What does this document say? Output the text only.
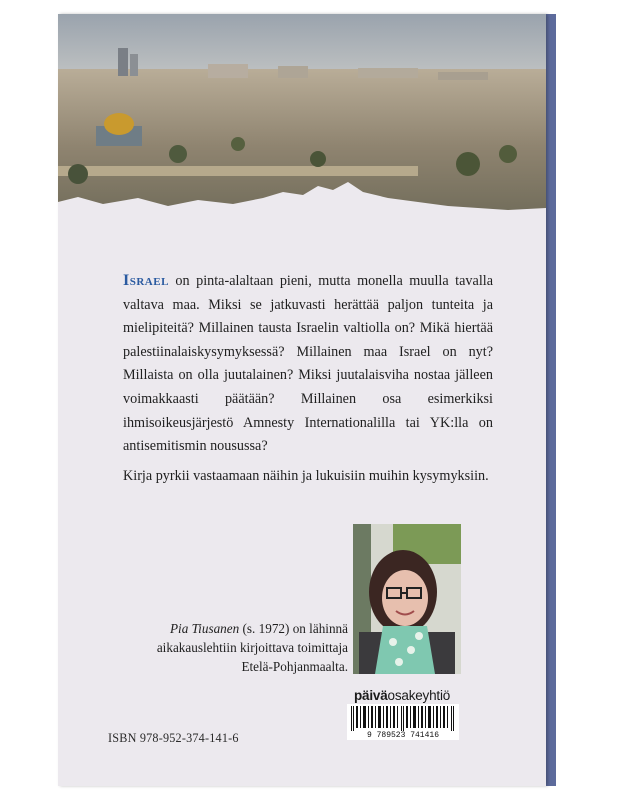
Israel on pinta-alaltaan pieni, mutta monella muulla tavalla valtava maa. Miksi se jatkuvasti herättää paljon tunteita ja mielipiteitä? Millainen tausta Israelin valtiolla on? Mikä hiertää palestiinalaiskysymyksessä? Millainen maa Israel on nyt? Millaista on olla juutalainen? Miksi juutalaisviha nostaa jälleen voimakkaasti päätään? Millainen osa esimerkiksi ihmisoikeusjärjestö Amnesty Internationalilla tai YK:lla on antisemitismin nousussa?

Kirja pyrkii vastaamaan näihin ja lukuisiin muihin kysymyksiin.

Pia Tiusanen (s. 1972) on lähinnä aikakauslehtiin kirjoittava toimittaja Etelä-Pohjanmaalta.
päiväosakeyhtiö
9 789523 741416
ISBN 978-952-374-141-6
